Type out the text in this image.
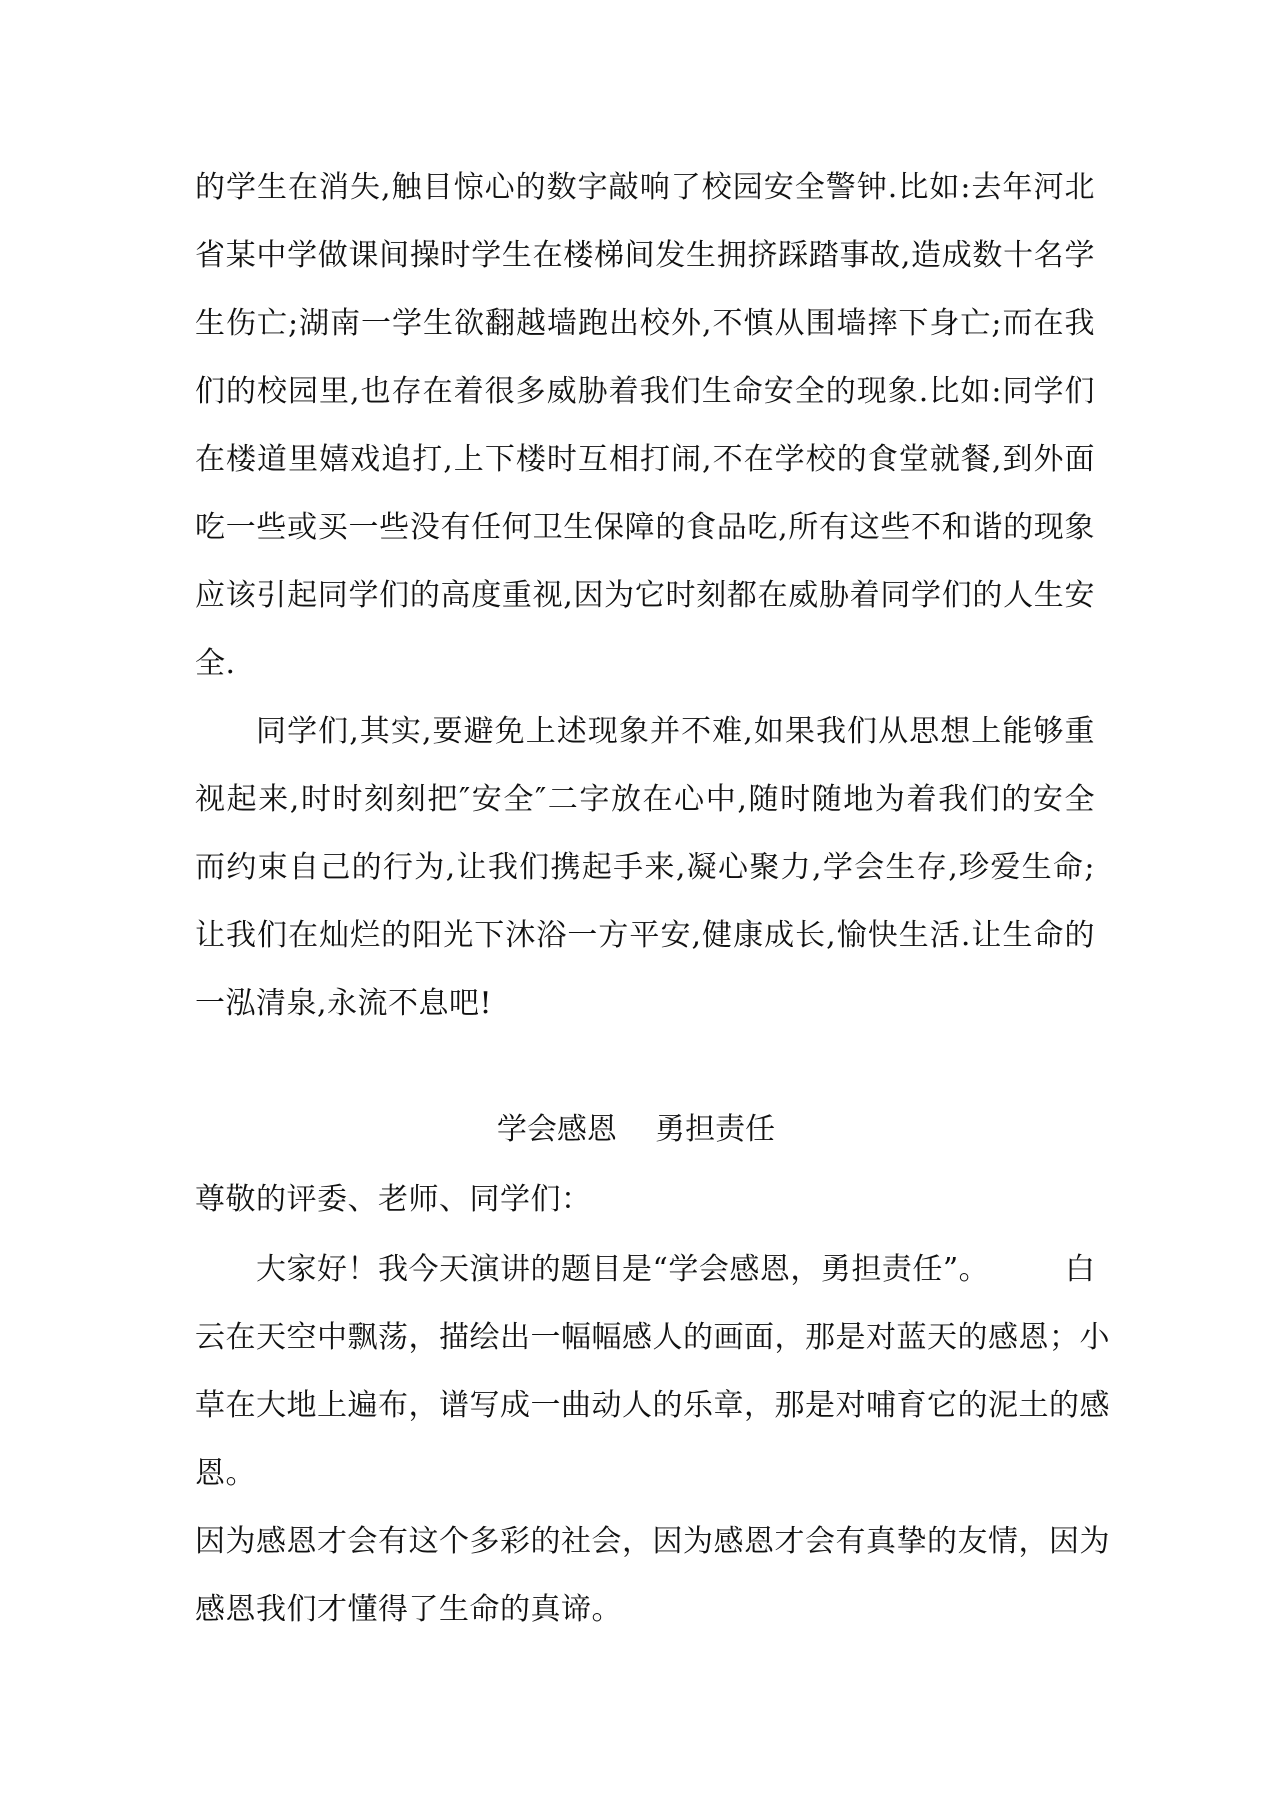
的学生在消失,触目惊心的数字敲响了校园安全警钟.比如:去年河北
省某中学做课间操时学生在楼梯间发生拥挤踩踏事故,造成数十名学
生伤亡;湖南一学生欲翻越墙跑出校外,不慎从围墙摔下身亡;而在我
们的校园里,也存在着很多威胁着我们生命安全的现象.比如:同学们
在楼道里嬉戏追打,上下楼时互相打闹,不在学校的食堂就餐,到外面
吃一些或买一些没有任何卫生保障的食品吃,所有这些不和谐的现象
应该引起同学们的高度重视,因为它时刻都在威胁着同学们的人生安
全.
同学们,其实,要避免上述现象并不难,如果我们从思想上能够重
视起来,时时刻刻把″安全″二字放在心中,随时随地为着我们的安全
而约束自己的行为,让我们携起手来,凝心聚力,学会生存,珍爱生命;
让我们在灿烂的阳光下沐浴一方平安,健康成长,愉快生活.让生命的
一泓清泉,永流不息吧!
学会感恩    勇担责任
尊敬的评委、老师、同学们：
大家好！我今天演讲的题目是“学会感恩，勇担责任”。	白
云在天空中飘荡，描绘出一幅幅感人的画面，那是对蓝天的感恩；小
草在大地上遍布，谱写成一曲动人的乐章，那是对哺育它的泥土的感
恩。
因为感恩才会有这个多彩的社会，因为感恩才会有真挚的友情，因为
感恩我们才懂得了生命的真谛。
